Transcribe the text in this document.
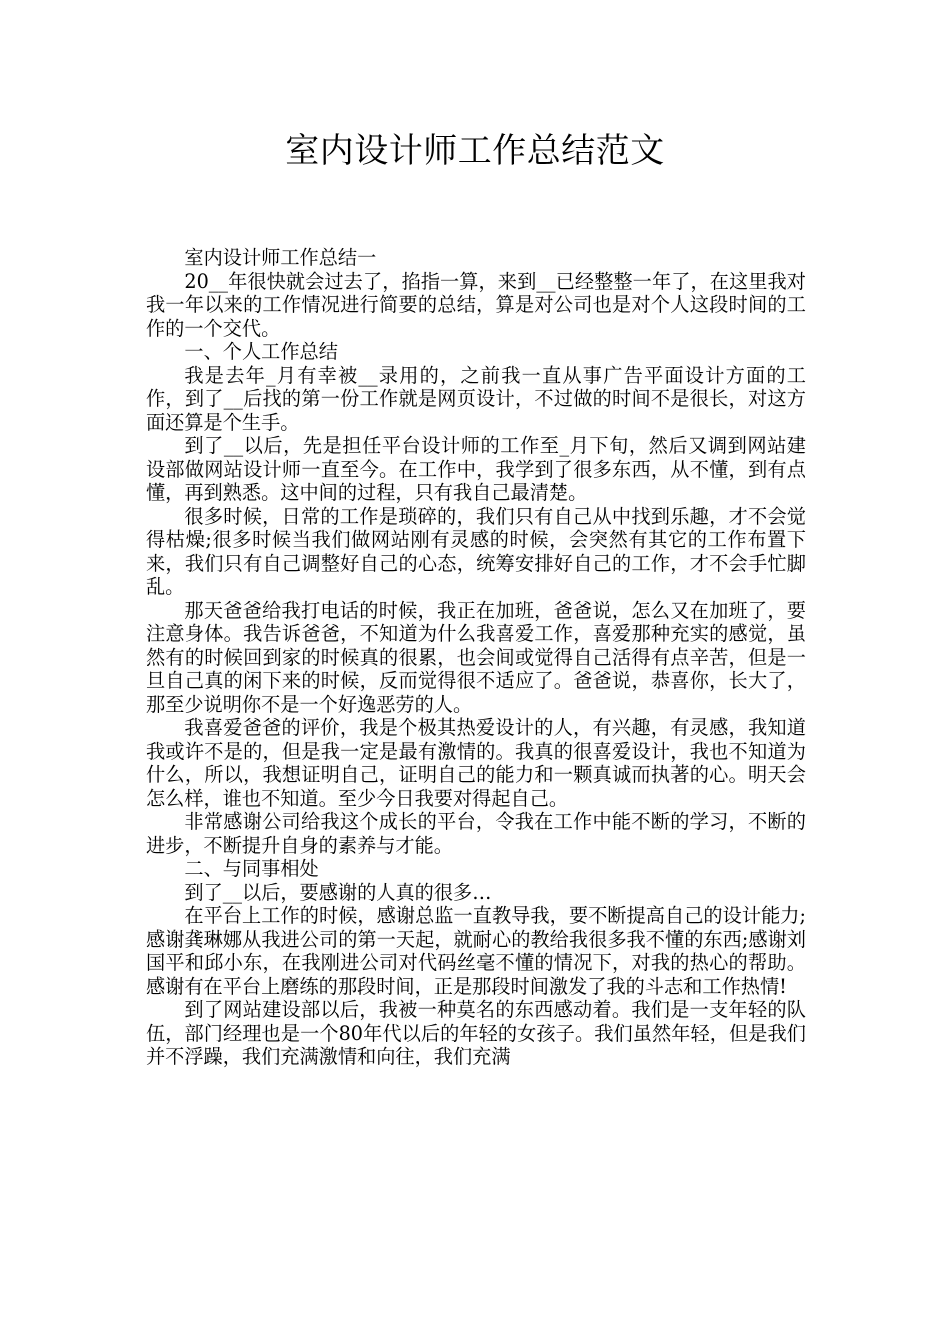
室内设计师工作总结范文

室内设计师工作总结一

20__年很快就会过去了，掐指一算，来到__已经整整一年了，在这里我对我一年以来的工作情况进行简要的总结，算是对公司也是对个人这段时间的工作的一个交代。

一、个人工作总结

我是去年_月有幸被__录用的，之前我一直从事广告平面设计方面的工作，到了__后找的第一份工作就是网页设计，不过做的时间不是很长，对这方面还算是个生手。

到了__以后，先是担任平台设计师的工作至_月下旬，然后又调到网站建设部做网站设计师一直至今。在工作中，我学到了很多东西，从不懂，到有点懂，再到熟悉。这中间的过程，只有我自己最清楚。

很多时候，日常的工作是琐碎的，我们只有自己从中找到乐趣，才不会觉得枯燥;很多时候当我们做网站刚有灵感的时候，会突然有其它的工作布置下来，我们只有自己调整好自己的心态，统筹安排好自己的工作，才不会手忙脚乱。

那天爸爸给我打电话的时候，我正在加班，爸爸说，怎么又在加班了，要注意身体。我告诉爸爸，不知道为什么我喜爱工作，喜爱那种充实的感觉，虽然有的时候回到家的时候真的很累，也会间或觉得自己活得有点辛苦，但是一旦自己真的闲下来的时候，反而觉得很不适应了。爸爸说，恭喜你，长大了，那至少说明你不是一个好逸恶劳的人。

我喜爱爸爸的评价，我是个极其热爱设计的人，有兴趣，有灵感，我知道我或许不是的，但是我一定是最有激情的。我真的很喜爱设计，我也不知道为什么，所以，我想证明自己，证明自己的能力和一颗真诚而执著的心。明天会怎么样，谁也不知道。至少今日我要对得起自己。

非常感谢公司给我这个成长的平台，令我在工作中能不断的学习，不断的进步，不断提升自身的素养与才能。

二、与同事相处

到了__以后，要感谢的人真的很多…

在平台上工作的时候，感谢总监一直教导我，要不断提高自己的设计能力;感谢龚琳娜从我进公司的第一天起，就耐心的教给我很多我不懂的东西;感谢刘国平和邱小东，在我刚进公司对代码丝毫不懂的情况下，对我的热心的帮助。感谢有在平台上磨练的那段时间，正是那段时间激发了我的斗志和工作热情!

到了网站建设部以后，我被一种莫名的东西感动着。我们是一支年轻的队伍，部门经理也是一个80年代以后的年轻的女孩子。我们虽然年轻，但是我们并不浮躁，我们充满激情和向往，我们充满
